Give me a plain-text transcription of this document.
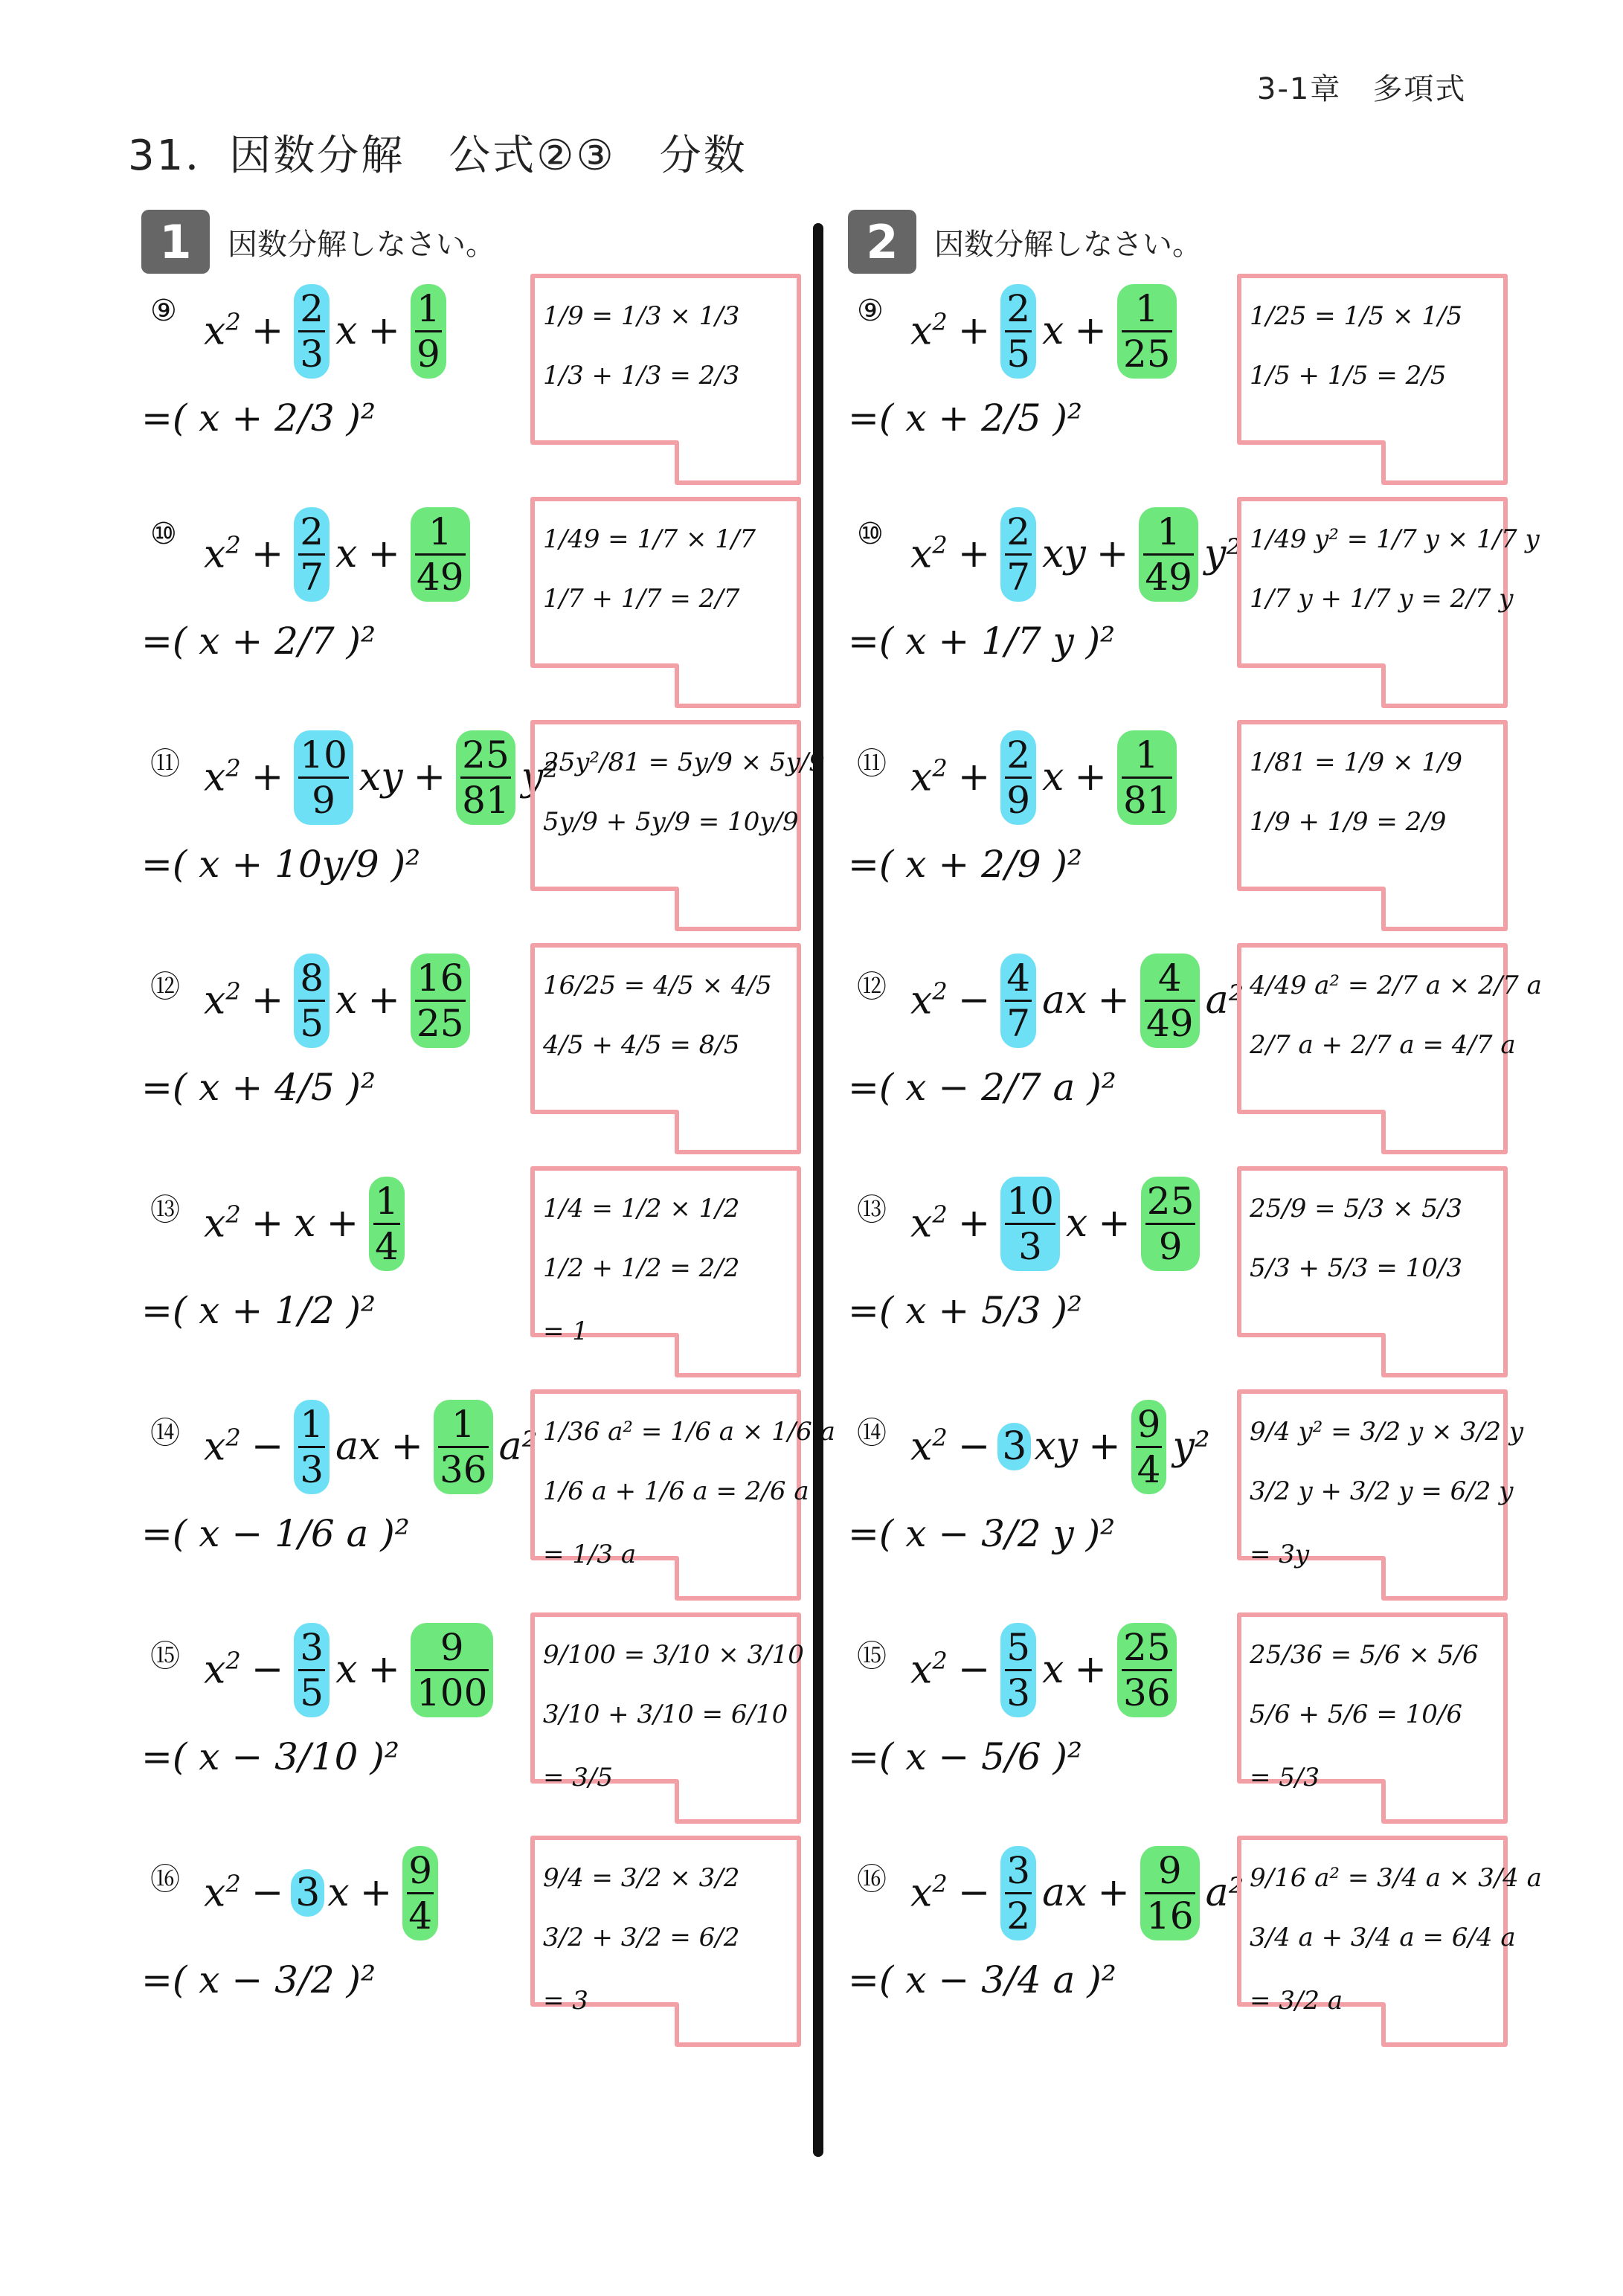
3-1章　多項式
31．因数分解　公式②③　分数
1	因数分解しなさい。
⑨ $x^2 + \frac{2}{3}$ $x + \frac{1}{9}$
=( x + 2/3 )²
1/9 = 1/3 × 1/3
1/3 + 1/3 = 2/3
⑩ $x^2 + \frac{2}{7}$ $x + \frac{1}{49}$
=( x + 2/7 )²
1/49 = 1/7 × 1/7
1/7 + 1/7 = 2/7
⑪ $x^2 + \frac{10}{9}$ xy + $\frac{25}{81} y^2$
=( x + 10y/9 )²
25y²/81 = 5y/9 × 5y/9
5y/9 + 5y/9 = 10y/9
⑫ $x^2 + \frac{8}{5}$ $x + \frac{16}{25}$
=( x + 4/5 )²
16/25 = 4/5 × 4/5
4/5 + 4/5 = 8/5
⑬ $x^2 + x + \frac{1}{4}$
=( x + 1/2 )²
1/4 = 1/2 × 1/2
1/2 + 1/2 = 2/2
= 1
⑭ $x^2 - \frac{1}{3}$ ax + $\frac{1}{36} a^2$
=( x − 1/6 a )²
1/36 a² = 1/6 a × 1/6 a
1/6 a + 1/6 a = 2/6 a
= 1/3 a
⑮ $x^2 - \frac{3}{5}$ $x + \frac{9}{100}$
=( x − 3/10 )²
9/100 = 3/10 × 3/10
3/10 + 3/10 = 6/10
= 3/5
⑯ $x^2 - 3$ $x + \frac{9}{4}$
=( x − 3/2 )²
9/4 = 3/2 × 3/2
3/2 + 3/2 = 6/2
= 3
2	因数分解しなさい。
⑨ $x^2 + \frac{2}{5}$ $x + \frac{1}{25}$
=( x + 2/5 )²
1/25 = 1/5 × 1/5
1/5 + 1/5 = 2/5
⑩ $x^2 + \frac{2}{7}$ xy + $\frac{1}{49} y^2$
=( x + 1/7 y )²
1/49 y² = 1/7 y × 1/7 y
1/7 y + 1/7 y = 2/7 y
⑪ $x^2 + \frac{2}{9}$ $x + \frac{1}{81}$
=( x + 2/9 )²
1/81 = 1/9 × 1/9
1/9 + 1/9 = 2/9
⑫ $x^2 - \frac{4}{7}$ ax + $\frac{4}{49} a^2$
=( x − 2/7 a )²
4/49 a² = 2/7 a × 2/7 a
2/7 a + 2/7 a = 4/7 a
⑬ $x^2 + \frac{10}{3}$ $x + \frac{25}{9}$
=( x + 5/3 )²
25/9 = 5/3 × 5/3
5/3 + 5/3 = 10/3
⑭ $x^2 - 3$ xy + $\frac{9}{4} y^2$
=( x − 3/2 y )²
9/4 y² = 3/2 y × 3/2 y
3/2 y + 3/2 y = 6/2 y
= 3y
⑮ $x^2 - \frac{5}{3}$ $x + \frac{25}{36}$
=( x − 5/6 )²
25/36 = 5/6 × 5/6
5/6 + 5/6 = 10/6
= 5/3
⑯ $x^2 - \frac{3}{2}$ ax + $\frac{9}{16} a^2$
=( x − 3/4 a )²
9/16 a² = 3/4 a × 3/4 a
3/4 a + 3/4 a = 6/4 a
= 3/2 a
